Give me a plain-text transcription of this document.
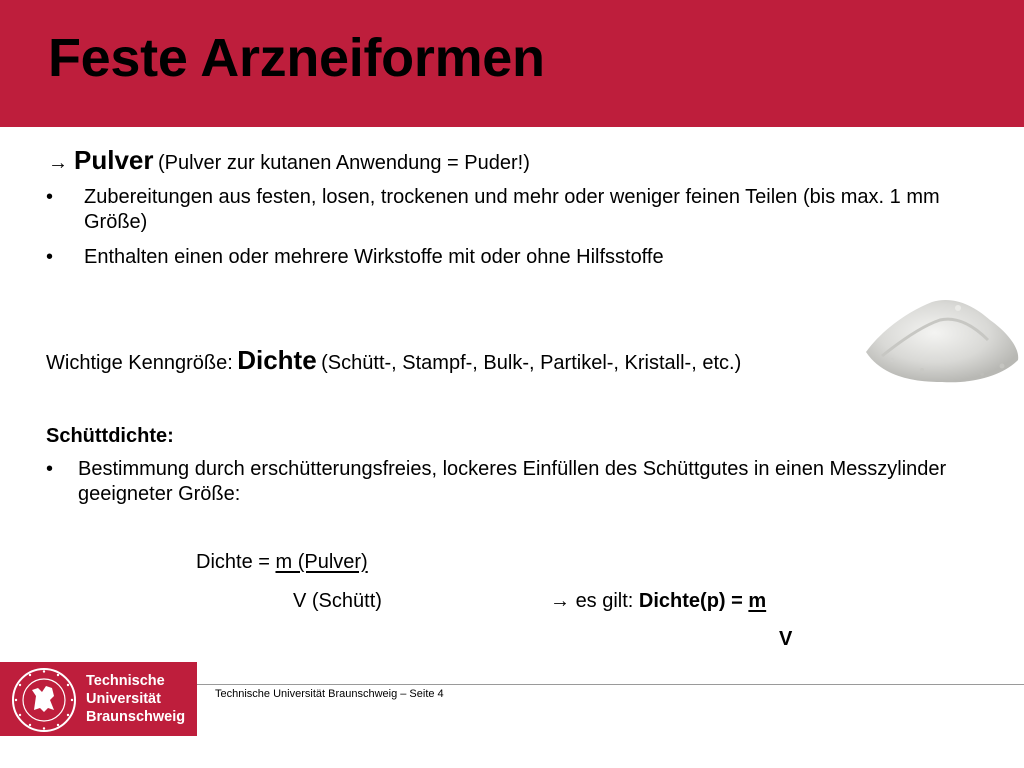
Feste Arzneiformen
→ Pulver (Pulver zur kutanen Anwendung = Puder!)
• Zubereitungen aus festen, losen, trockenen und mehr oder weniger feinen Teilen (bis max. 1 mm Größe)
• Enthalten einen oder mehrere Wirkstoffe mit oder ohne Hilfsstoffe
Wichtige Kenngröße: Dichte (Schütt-, Stampf-, Bulk-, Partikel-, Kristall-, etc.)
Schüttdichte:
• Bestimmung durch erschütterungsfreies, lockeres Einfüllen des Schüttgutes in einen Messzylinder geeigneter Größe:
Dichte = m (Pulver)
V (Schütt)	→ es gilt: Dichte(p) = m
V
Technische
Universität
Braunschweig
Technische Universität Braunschweig – Seite 4
